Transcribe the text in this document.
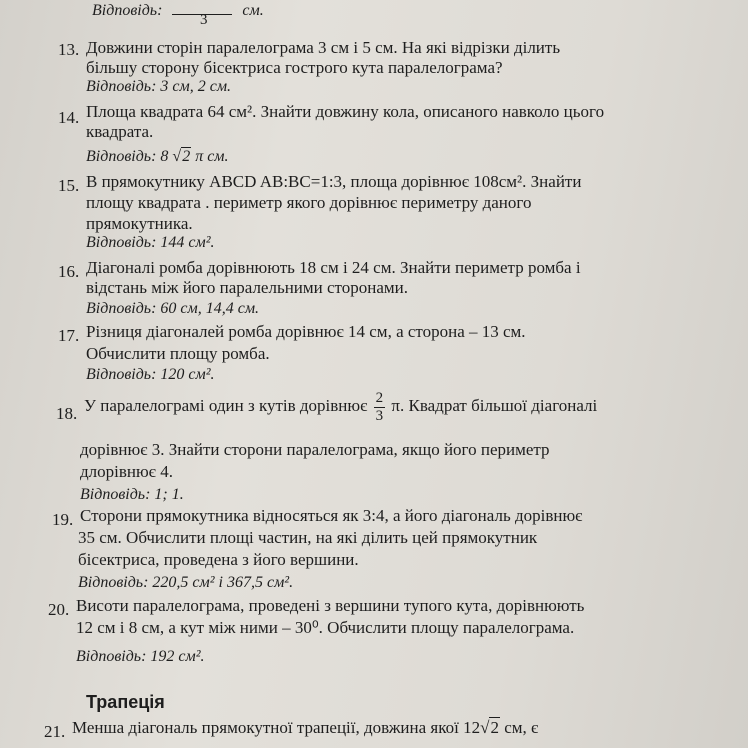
Відповідь:	см.
3
13. Довжини сторін паралелограма 3 см і 5 см. На які відрізки ділить
більшу сторону бісектриса гострого кута паралелограма?
Відповідь: 3 см, 2 см.
14. Площа квадрата 64 см². Знайти довжину кола, описаного навколо цього
квадрата.
Відповідь: 8 √2 π см.
15. В прямокутнику ABCD AB:BC=1:3, площа дорівнює 108см². Знайти
площу квадрата . периметр якого дорівнює периметру даного
прямокутника.
Відповідь: 144 см².
16. Діагоналі ромба дорівнюють 18 см і 24 см. Знайти периметр ромба і
відстань між його паралельними сторонами.
Відповідь: 60 см, 14,4 см.
17. Різниця діагоналей ромба дорівнює 14 см, а сторона – 13 см.
Обчислити площу ромба.
Відповідь: 120 см².
18. У паралелограмі один з кутів дорівнює $\frac{2}{3} \pi$. Квадрат більшої діагоналі
дорівнює 3. Знайти сторони паралелограма, якщо його периметр
длорівнює 4.
Відповідь: 1; 1.
19. Сторони прямокутника відносяться як 3:4, а його діагональ дорівнює
35 см. Обчислити площі частин, на які ділить цей прямокутник
бісектриса, проведена з його вершини.
Відповідь: 220,5 см² і 367,5 см².
20. Висоти паралелограма, проведені з вершини тупого кута, дорівнюють
12 см і 8 см, а кут між ними – 30⁰. Обчислити площу паралелограма.
Відповідь: 192 см².
Трапеція
21. Менша діагональ прямокутної трапеції, довжина якої 12√2 см, є
